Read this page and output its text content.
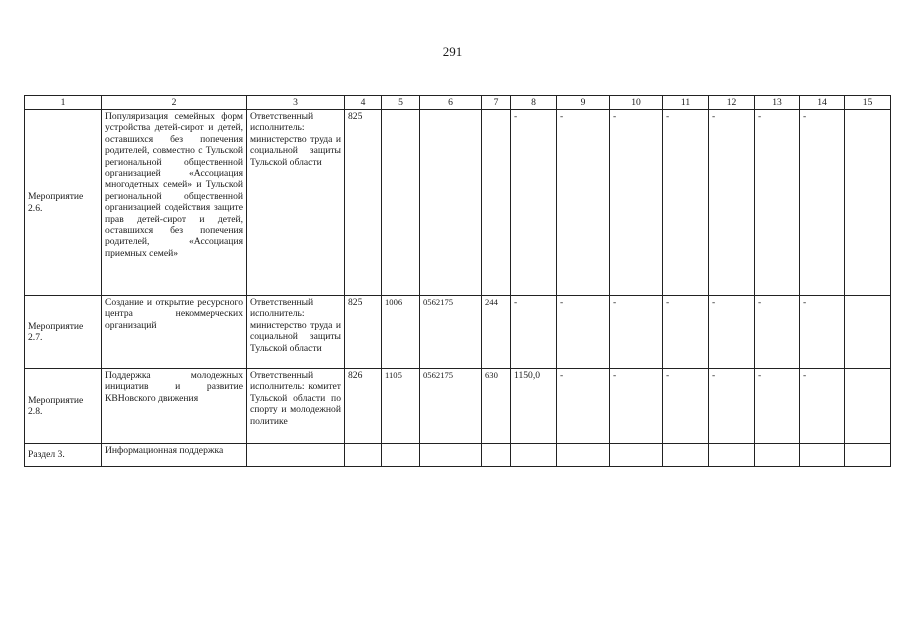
291
1	2	3	4	5	6	7	8	9	10	11	12	13	14	15
Мероприятие 2.6.	Популяризация семейных форм устройства детей-сирот и детей, оставшихся без попечения родителей, совместно с Тульской региональной общественной организацией «Ассоциация многодетных семей» и Тульской региональной общественной организацией содействия защите прав детей-сирот и детей, оставшихся без попечения родителей, «Ассоциация приемных семей»	Ответственный исполнитель: министерство труда и социальной защиты Тульской области	825				-	-	-	-	-	-	-	
Мероприятие 2.7.	Создание и открытие ресурсного центра некоммерческих организаций	Ответственный исполнитель: министерство труда и социальной защиты Тульской области	825	1006	0562175	244	-	-	-	-	-	-	-	
Мероприятие 2.8.	Поддержка молодежных инициатив и развитие КВНовского движения	Ответственный исполнитель: комитет Тульской области по спорту и молодежной политике	826	1105	0562175	630	1150,0	-	-	-	-	-	-	
Раздел 3.	Информационная поддержка													
